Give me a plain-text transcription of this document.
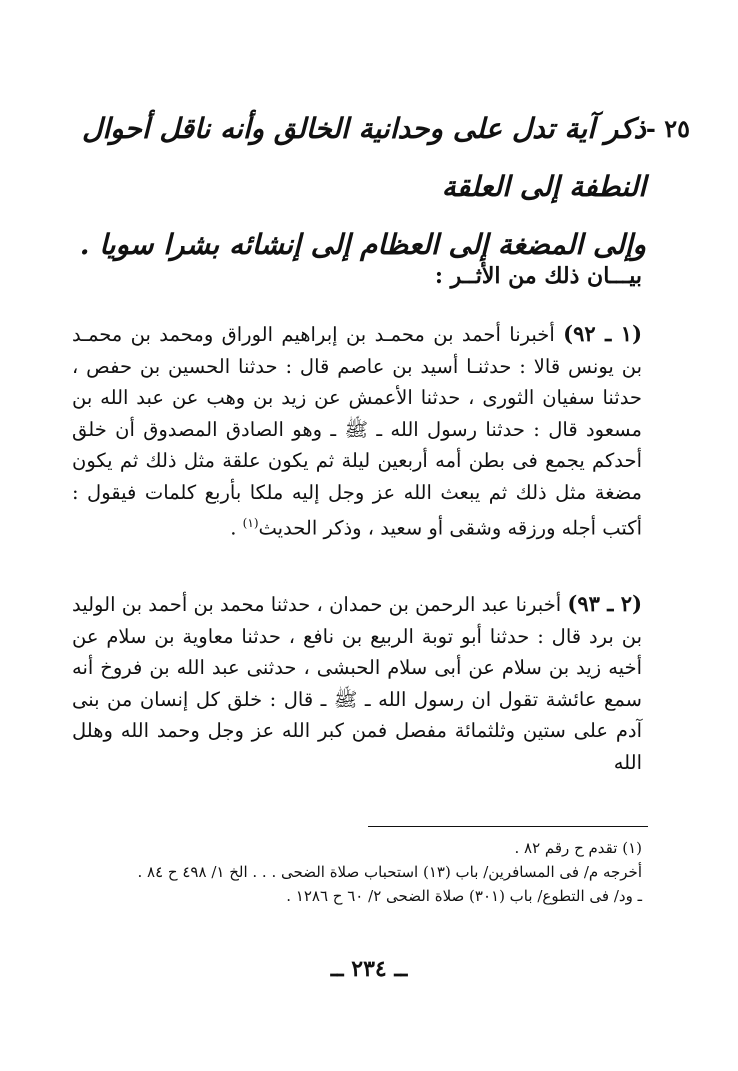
٢٥ -
ذكر آية تدل على وحدانية الخالق وأنه ناقل أحوال النطفة إلى العلقة
وإلى المضغة إلى العظام إلى إنشائه بشرا سويا .
بيـــان ذلك من الأثــر :
(١ ـ ٩٢) أخبرنا أحمد بن محمـد بن إبراهيم الوراق ومحمد بن محمـد بن يونس قالا : حدثنـا أسيد بن عاصم قال : حدثنا الحسين بن حفص ، حدثنا سفيان الثورى ، حدثنا الأعمش عن زيد بن وهب عن عبد الله بن مسعود قال : حدثنا رسول الله ـ ﷺ ـ وهو الصادق المصدوق أن خلق أحدكم يجمع فى بطن أمه أربعين ليلة ثم يكون علقة مثل ذلك ثم يكون مضغة مثل ذلك ثم يبعث الله عز وجل إليه ملكا بأربع كلمات فيقول : أكتب أجله ورزقه وشقى أو سعيد ، وذكر الحديث$^{(١)}$ .
(٢ ـ ٩٣) أخبرنا عبد الرحمن بن حمدان ، حدثنا محمد بن أحمد بن الوليد بن برد قال : حدثنا أبو توبة الربيع بن نافع ، حدثنا معاوية بن سلام عن أخيه زيد بن سلام عن أبى سلام الحبشى ، حدثنى عبد الله بن فروخ أنه سمع عائشة تقول ان رسول الله ـ ﷺ ـ قال : خلق كل إنسان من بنى آدم على ستين وثلثمائة مفصل فمن كبر الله عز وجل وحمد الله وهلل الله
(١) تقدم ح رقم ٨٢ .
أخرجه م/ فى المسافرين/ باب (١٣) استحباب صلاة الضحى . . . الخ ١/ ٤٩٨ ح ٨٤ .
ـ ود/ فى التطوع/ باب (٣٠١) صلاة الضحى ٢/ ٦٠ ح ١٢٨٦ .
ــ ٢٣٤ ــ
